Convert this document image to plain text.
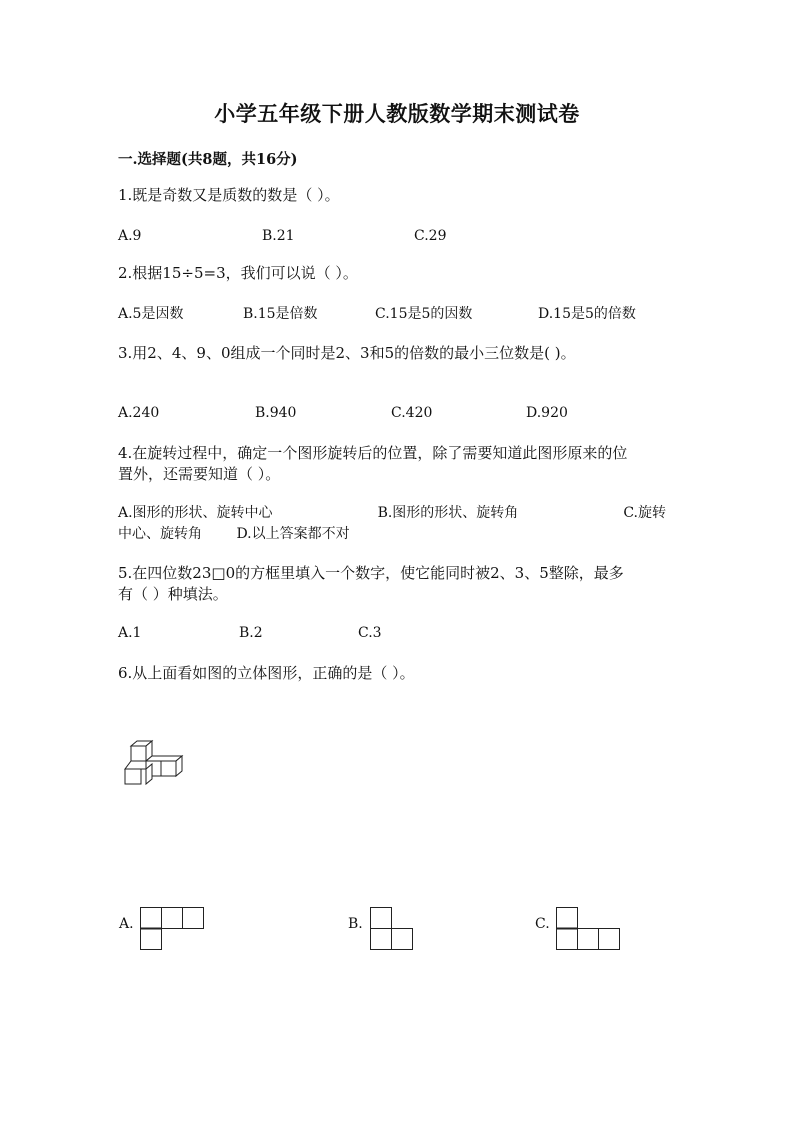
小学五年级下册人教版数学期末测试卷
一.选择题(共8题，共16分)
1.既是奇数又是质数的数是（ ）。
A.9	B.21	C.29
2.根据15÷5=3，我们可以说（ ）。
A.5是因数	B.15是倍数	C.15是5的因数	D.15是5的倍数
3.用2、4、9、0组成一个同时是2、3和5的倍数的最小三位数是( )。
A.240	B.940	C.420	D.920
4.在旋转过程中，确定一个图形旋转后的位置，除了需要知道此图形原来的位
置外，还需要知道（ ）。
A.图形的形状、旋转中心	B.图形的形状、旋转角	C.旋转
中心、旋转角 D.以上答案都不对
5.在四位数23□0的方框里填入一个数字，使它能同时被2、3、5整除，最多
有（ ）种填法。
A.1	B.2	C.3
6.从上面看如图的立体图形，正确的是（ ）。
A.	B.	C.
